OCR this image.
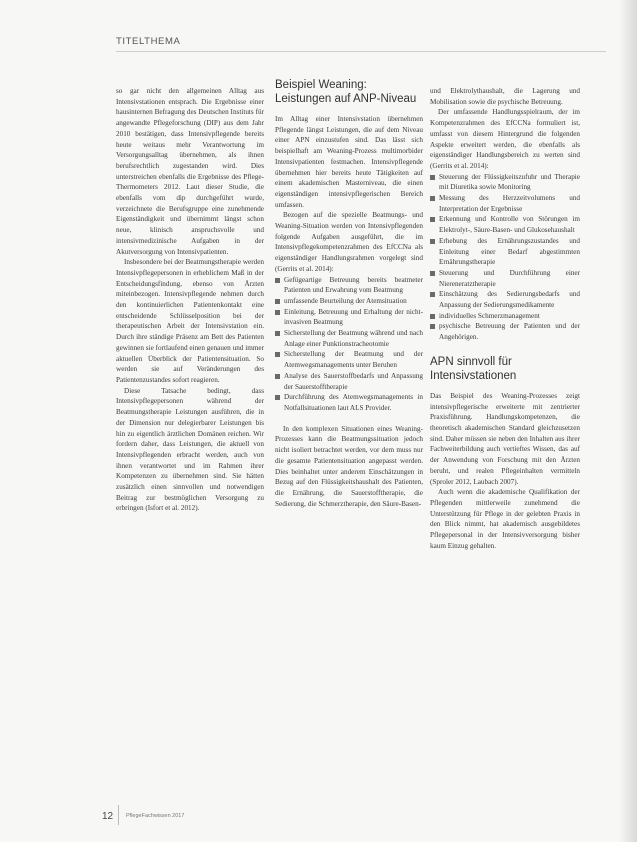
TITELTHEMA

so gar nicht den allgemeinen Alltag aus Intensivstationen entsprach. Die Ergebnisse einer hausinternen Befragung des Deutschen Instituts für angewandte Pflegeforschung (DIP) aus dem Jahr 2010 bestätigen, dass Intensivpflegende bereits heute weitaus mehr Verantwortung im Versorgungsalltag übernehmen, als ihnen berufsrechtlich zugestanden wird. Dies unterstreichen ebenfalls die Ergebnisse des Pflege-Thermometers 2012. Laut dieser Studie, die ebenfalls vom dip durchgeführt wurde, verzeichnete die Berufsgruppe eine zunehmende Eigenständigkeit und übernimmt längst schon neue, klinisch anspruchsvolle und intensivmedizinische Aufgaben in der Akutversorgung von Intensivpatienten.

Insbesondere bei der Beatmungstherapie werden Intensivpflegepersonen in erheblichem Maß in der Entscheidungsfindung, ebenso von Ärzten miteinbezogen. Intensivpflegende nehmen durch den kontinuierlichen Patientenkontakt eine entscheidende Schlüsselposition bei der therapeutischen Arbeit der Intensivstation ein. Durch ihre ständige Präsenz am Bett des Patienten gewinnen sie fortlaufend einen genauen und immer aktuellen Überblick der Patientensituation. So werden sie auf Veränderungen des Patientenzustandes sofort reagieren.

Diese Tatsache bedingt, dass Intensivpflegepersonen während der Beatmungstherapie Leistungen ausführen, die in der Dimension nur delegierbarer Leistungen bis hin zu eigentlich ärztlichen Domänen reichen. Wir fordern daher, dass Leistungen, die aktuell von Intensivpflegenden erbracht werden, auch von ihnen verantwortet und im Rahmen ihrer Kompetenzen zu übernehmen sind. Sie hätten zusätzlich einen sinnvollen und notwendigen Beitrag zur bestmöglichen Versorgung zu erbringen (Isfort et al. 2012).

Beispiel Weaning: Leistungen auf ANP-Niveau

Im Alltag einer Intensivstation übernehmen Pflegende längst Leistungen, die auf dem Niveau einer APN einzustufen sind. Das lässt sich beispielhaft am Weaning-Prozess multimorbider Intensivpatienten festmachen. Intensivpflegende übernehmen hier bereits heute Tätigkeiten auf einem akademischen Masterniveau, die einen eigenständigen intensivpflegerischen Bereich umfassen.

Bezogen auf die spezielle Beatmungs- und Weaning-Situation werden von Intensivpflegenden folgende Aufgaben ausgeführt, die im Intensivpflegekompetenzrahmen des EfCCNa als eigenständiger Handlungsrahmen vorgelegt sind (Gerrits et al. 2014):

Gefügeartige Betreuung bereits beatmeter Patienten und Erwahrung vom Beatmung
umfassende Beurteilung der Atemsituation
Einleitung, Betreuung und Erhaltung der nicht-invasiven Beatmung
Sicherstellung der Beatmung während und nach Anlage einer Punktionstracheotomie
Sicherstellung der Beatmung und der Atemwegsmanagements unter Beruhen
Analyse des Sauerstoffbedarfs und Anpassung der Sauerstofftherapie
Durchführung des Atemwegsmanagements in Notfallsituationen laut ALS Provider.

In den komplexen Situationen eines Weaning-Prozesses kann die Beatmungssituation jedoch nicht isoliert betrachtet werden, vor dem muss nur die gesamte Patientensituation angepasst werden. Dies beinhaltet unter anderem Einschätzungen in Bezug auf den Flüssigkeitshaushalt des Patienten, die Ernährung, die Sauerstofftherapie, die Sedierung, die Schmerztherapie, den Säure-Basen-

und Elektrolythaushalt, die Lagerung und Mobilisation sowie die psychische Betreuung.

Der umfassende Handlungsspielraum, der im Kompetenzrahmen des EfCCNa formuliert ist, umfasst von diesem Hintergrund die folgenden Aspekte erweitert werden, die ebenfalls als eigenständiger Handlungsbereich zu werten sind (Gerrits et al. 2014):

Steuerung der Flüssigkeitszufuhr und Therapie mit Diuretika sowie Monitoring
Messung des Herzzeitvolumens und Interpretation der Ergebnisse
Erkennung und Kontrolle von Störungen im Elektrolyt-, Säure-Basen- und Glukosehaushalt
Erhebung des Ernährungszustandes und Einleitung einer Bedarf abgestimmten Ernährungstherapie
Steuerung und Durchführung einer Niereneratztherapie
Einschätzung des Sedierungsbedarfs und Anpassung der Sedierungsmedikamente
individuelles Schmerzmanagement
psychische Betreuung der Patienten und der Angehörigen.
APN sinnvoll für Intensivstationen

Das Beispiel des Weaning-Prozesses zeigt intensivpflegerische erweiterte mit zentrierter Praxisführung. Handlungskompetenzen, die theoretisch akademischen Standard gleichzusetzen sind. Daher müssen sie neben den Inhalten aus ihrer Fachweiterbildung auch vertieftes Wissen, das auf der Anwendung von Forschung mit den Ärzten beruht, und realen Pflegeinhalten vermitteln (Sproler 2012, Laubach 2007).

Auch wenn die akademische Qualifikation der Pflegenden mittlerweile zunehmend die Unterstützung für Pflege in der gelebten Praxis in den Blick nimmt, hat akademisch ausgebildetes Pflegepersonal in der Intensivversorgung bisher kaum Einzug gehalten.

12 PflegeFachwissen 2017
